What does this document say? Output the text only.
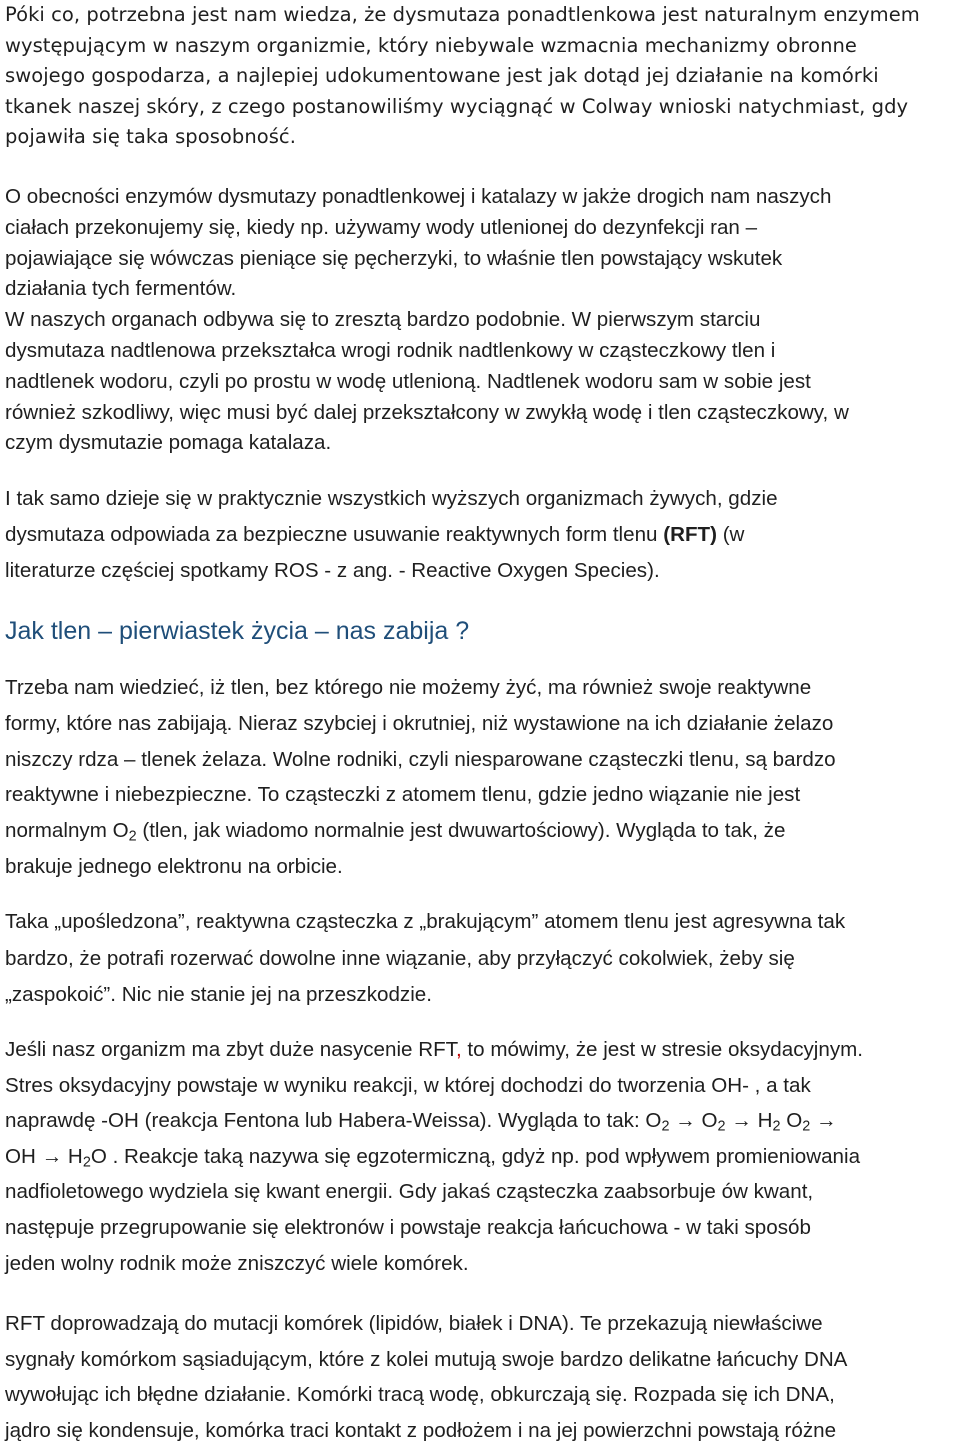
Póki co, potrzebna jest nam wiedza, że dysmutaza ponadtlenkowa jest naturalnym enzymem
występującym w naszym organizmie, który niebywale wzmacnia mechanizmy obronne
swojego gospodarza, a najlepiej udokumentowane jest jak dotąd jej działanie na komórki
tkanek naszej skóry, z czego postanowiliśmy wyciągnąć w Colway wnioski natychmiast, gdy
pojawiła się taka sposobność.

O obecności enzymów dysmutazy ponadtlenkowej i katalazy w jakże drogich nam naszych
ciałach przekonujemy się, kiedy np. używamy wody utlenionej do dezynfekcji ran –
pojawiające się wówczas pieniące się pęcherzyki, to właśnie tlen powstający wskutek
działania tych fermentów.
W naszych organach odbywa się to zresztą bardzo podobnie. W pierwszym starciu
dysmutaza nadtlenowa przekształca wrogi rodnik nadtlenkowy w cząsteczkowy tlen i
nadtlenek wodoru, czyli po prostu w wodę utlenioną. Nadtlenek wodoru sam w sobie jest
również szkodliwy, więc musi być dalej przekształcony w zwykłą wodę i tlen cząsteczkowy, w
czym dysmutazie pomaga katalaza.

I tak samo dzieje się w praktycznie wszystkich wyższych organizmach żywych, gdzie
dysmutaza odpowiada za bezpieczne usuwanie reaktywnych form tlenu (RFT) (w
literaturze częściej spotkamy ROS - z ang. - Reactive Oxygen Species).

Jak tlen – pierwiastek życia – nas zabija ?

Trzeba nam wiedzieć, iż tlen, bez którego nie możemy żyć, ma również swoje reaktywne
formy, które nas zabijają. Nieraz szybciej i okrutniej, niż wystawione na ich działanie żelazo
niszczy rdza – tlenek żelaza. Wolne rodniki, czyli niesparowane cząsteczki tlenu, są bardzo
reaktywne i niebezpieczne. To cząsteczki z atomem tlenu, gdzie jedno wiązanie nie jest
normalnym $O_2$ (tlen, jak wiadomo normalnie jest dwuwartościowy). Wygląda to tak, że
brakuje jednego elektronu na orbicie.

Taka „upośledzona”, reaktywna cząsteczka z „brakującym” atomem tlenu jest agresywna tak
bardzo, że potrafi rozerwać dowolne inne wiązanie, aby przyłączyć cokolwiek, żeby się
„zaspokoić”. Nic nie stanie jej na przeszkodzie.

Jeśli nasz organizm ma zbyt duże nasycenie RFT, to mówimy, że jest w stresie oksydacyjnym.
Stres oksydacyjny powstaje w wyniku reakcji, w której dochodzi do tworzenia OH- , a tak
naprawdę -OH (reakcja Fentona lub Habera-Weissa). Wygląda to tak: $O_2 \to O_2 \to H_2$ $O_2$ →
OH → $H_2O$ . Reakcje taką nazywa się egzotermiczną, gdyż np. pod wpływem promieniowania
nadfioletowego wydziela się kwant energii. Gdy jakaś cząsteczka zaabsorbuje ów kwant,
następuje przegrupowanie się elektronów i powstaje reakcja łańcuchowa - w taki sposób
jeden wolny rodnik może zniszczyć wiele komórek.

RFT doprowadzają do mutacji komórek (lipidów, białek i DNA). Te przekazują niewłaściwe
sygnały komórkom sąsiadującym, które z kolei mutują swoje bardzo delikatne łańcuchy DNA
wywołując ich błędne działanie. Komórki tracą wodę, obkurczają się. Rozpada się ich DNA,
jądro się kondensuje, komórka traci kontakt z podłożem i na jej powierzchni powstają różne
